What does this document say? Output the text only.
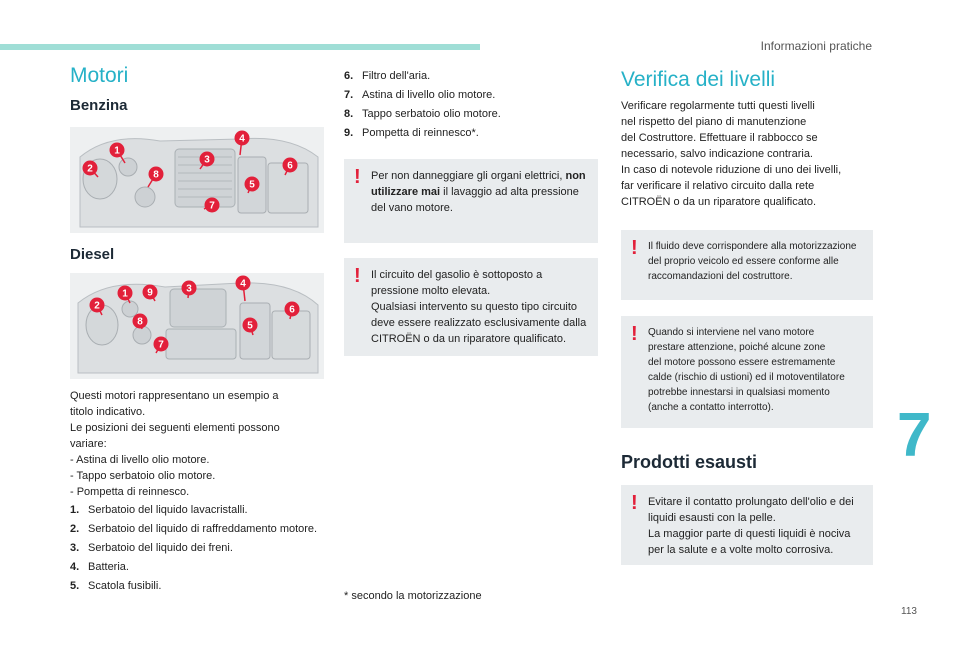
Informazioni pratiche
Motori
Benzina
1
2
3
4
5
6
7
8
Diesel
1
2
3	4
5
6
7
8
9

Questi motori rappresentano un esempio a

titolo indicativo.

Le posizioni dei seguenti elementi possono

variare:

- Astina di livello olio motore.

- Tappo serbatoio olio motore.

- Pompetta di reinnesco.

1. Serbatoio del liquido lavacristalli.
2. Serbatoio del liquido di raffreddamento motore.
3. Serbatoio del liquido dei freni.
4. Batteria.
5. Scatola fusibili.
6. Filtro dell'aria.
7. Astina di livello olio motore.
8. Tappo serbatoio olio motore.
9. Pompetta di reinnesco*.
! Per non danneggiare gli organi elettrici, non utilizzare mai il lavaggio ad alta pressione del vano motore.
! Il circuito del gasolio è sottoposto a
pressione molto elevata.
Qualsiasi intervento su questo tipo circuito
deve essere realizzato esclusivamente dalla
CITROËN o da un riparatore qualificato.
* secondo la motorizzazione
Verifica dei livelli

Verificare regolarmente tutti questi livelli

nel rispetto del piano di manutenzione

del Costruttore. Effettuare il rabbocco se

necessario, salvo indicazione contraria.

In caso di notevole riduzione di uno dei livelli,

far verificare il relativo circuito dalla rete

CITROËN o da un riparatore qualificato.

! Il fluido deve corrispondere alla motorizzazione
del proprio veicolo ed essere conforme alle
raccomandazioni del costruttore.
! Quando si interviene nel vano motore
prestare attenzione, poiché alcune zone
del motore possono essere estremamente
calde (rischio di ustioni) ed il motoventilatore
potrebbe innestarsi in qualsiasi momento
(anche a contatto interrotto).
Prodotti esausti
! Evitare il contatto prolungato dell'olio e dei
liquidi esausti con la pelle.
La maggior parte di questi liquidi è nociva
per la salute e a volte molto corrosiva.
7
113
